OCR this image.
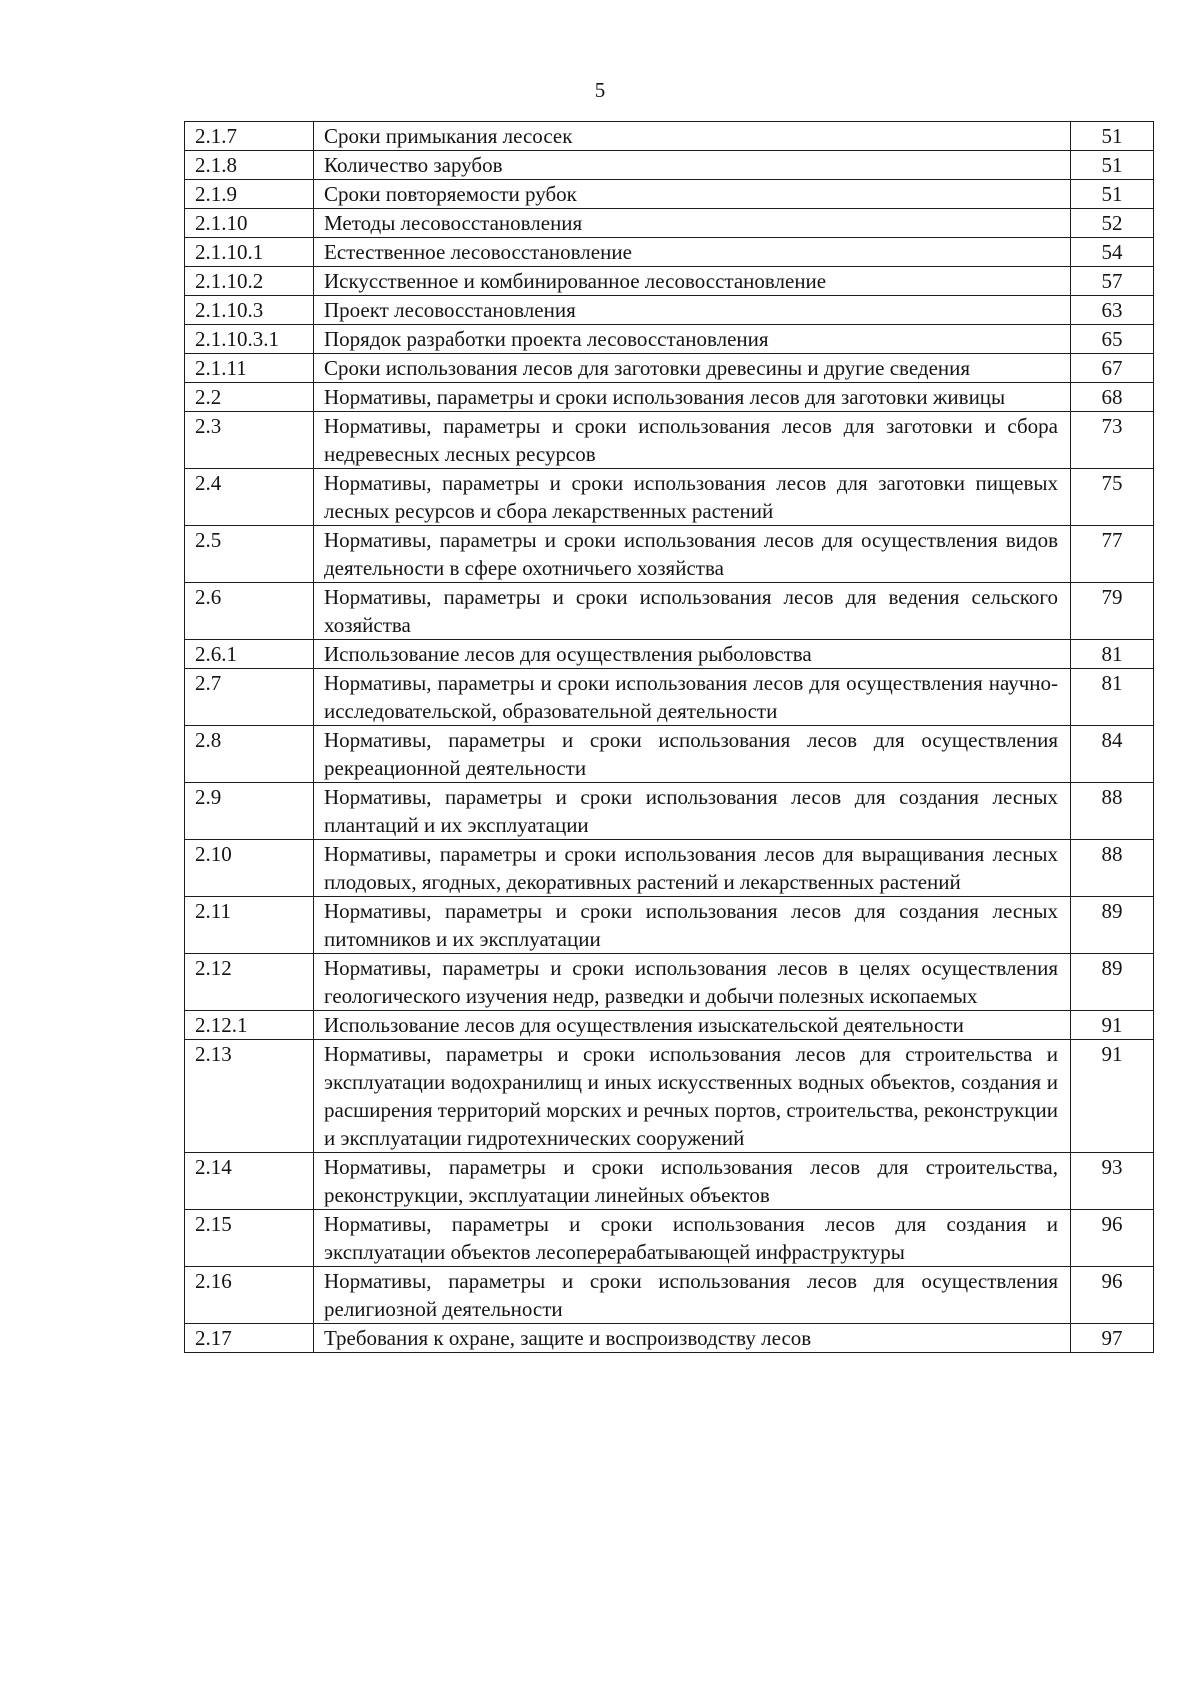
5
2.1.7	Сроки примыкания лесосек	51
2.1.8	Количество зарубов	51
2.1.9	Сроки повторяемости рубок	51
2.1.10	Методы лесовосстановления	52
2.1.10.1	Естественное лесовосстановление	54
2.1.10.2	Искусственное и комбинированное лесовосстановление	57
2.1.10.3	Проект лесовосстановления	63
2.1.10.3.1	Порядок разработки проекта лесовосстановления	65
2.1.11	Сроки использования лесов для заготовки древесины и другие сведения	67
2.2	Нормативы, параметры и сроки использования лесов для заготовки живицы	68
2.3	Нормативы, параметры и сроки использования лесов для заготовки и сбора недревесных лесных ресурсов	73
2.4	Нормативы, параметры и сроки использования лесов для заготовки пищевых лесных ресурсов и сбора лекарственных растений	75
2.5	Нормативы, параметры и сроки использования лесов для осуществления видов деятельности в сфере охотничьего хозяйства	77
2.6	Нормативы, параметры и сроки использования лесов для ведения сельского хозяйства	79
2.6.1	Использование лесов для осуществления рыболовства	81
2.7	Нормативы, параметры и сроки использования лесов для осуществления научно-исследовательской, образовательной деятельности	81
2.8	Нормативы, параметры и сроки использования лесов для осуществления рекреационной деятельности	84
2.9	Нормативы, параметры и сроки использования лесов для создания лесных плантаций и их эксплуатации	88
2.10	Нормативы, параметры и сроки использования лесов для выращивания лесных плодовых, ягодных, декоративных растений и лекарственных растений	88
2.11	Нормативы, параметры и сроки использования лесов для создания лесных питомников и их эксплуатации	89
2.12	Нормативы, параметры и сроки использования лесов в целях осуществления геологического изучения недр, разведки и добычи полезных ископаемых	89
2.12.1	Использование лесов для осуществления изыскательской деятельности	91
2.13	Нормативы, параметры и сроки использования лесов для строительства и эксплуатации водохранилищ и иных искусственных водных объектов, создания и расширения территорий морских и речных портов, строительства, реконструкции и эксплуатации гидротехнических сооружений	91
2.14	Нормативы, параметры и сроки использования лесов для строительства, реконструкции, эксплуатации линейных объектов	93
2.15	Нормативы, параметры и сроки использования лесов для создания и эксплуатации объектов лесоперерабатывающей инфраструктуры	96
2.16	Нормативы, параметры и сроки использования лесов для осуществления религиозной деятельности	96
2.17	Требования к охране, защите и воспроизводству лесов	97
